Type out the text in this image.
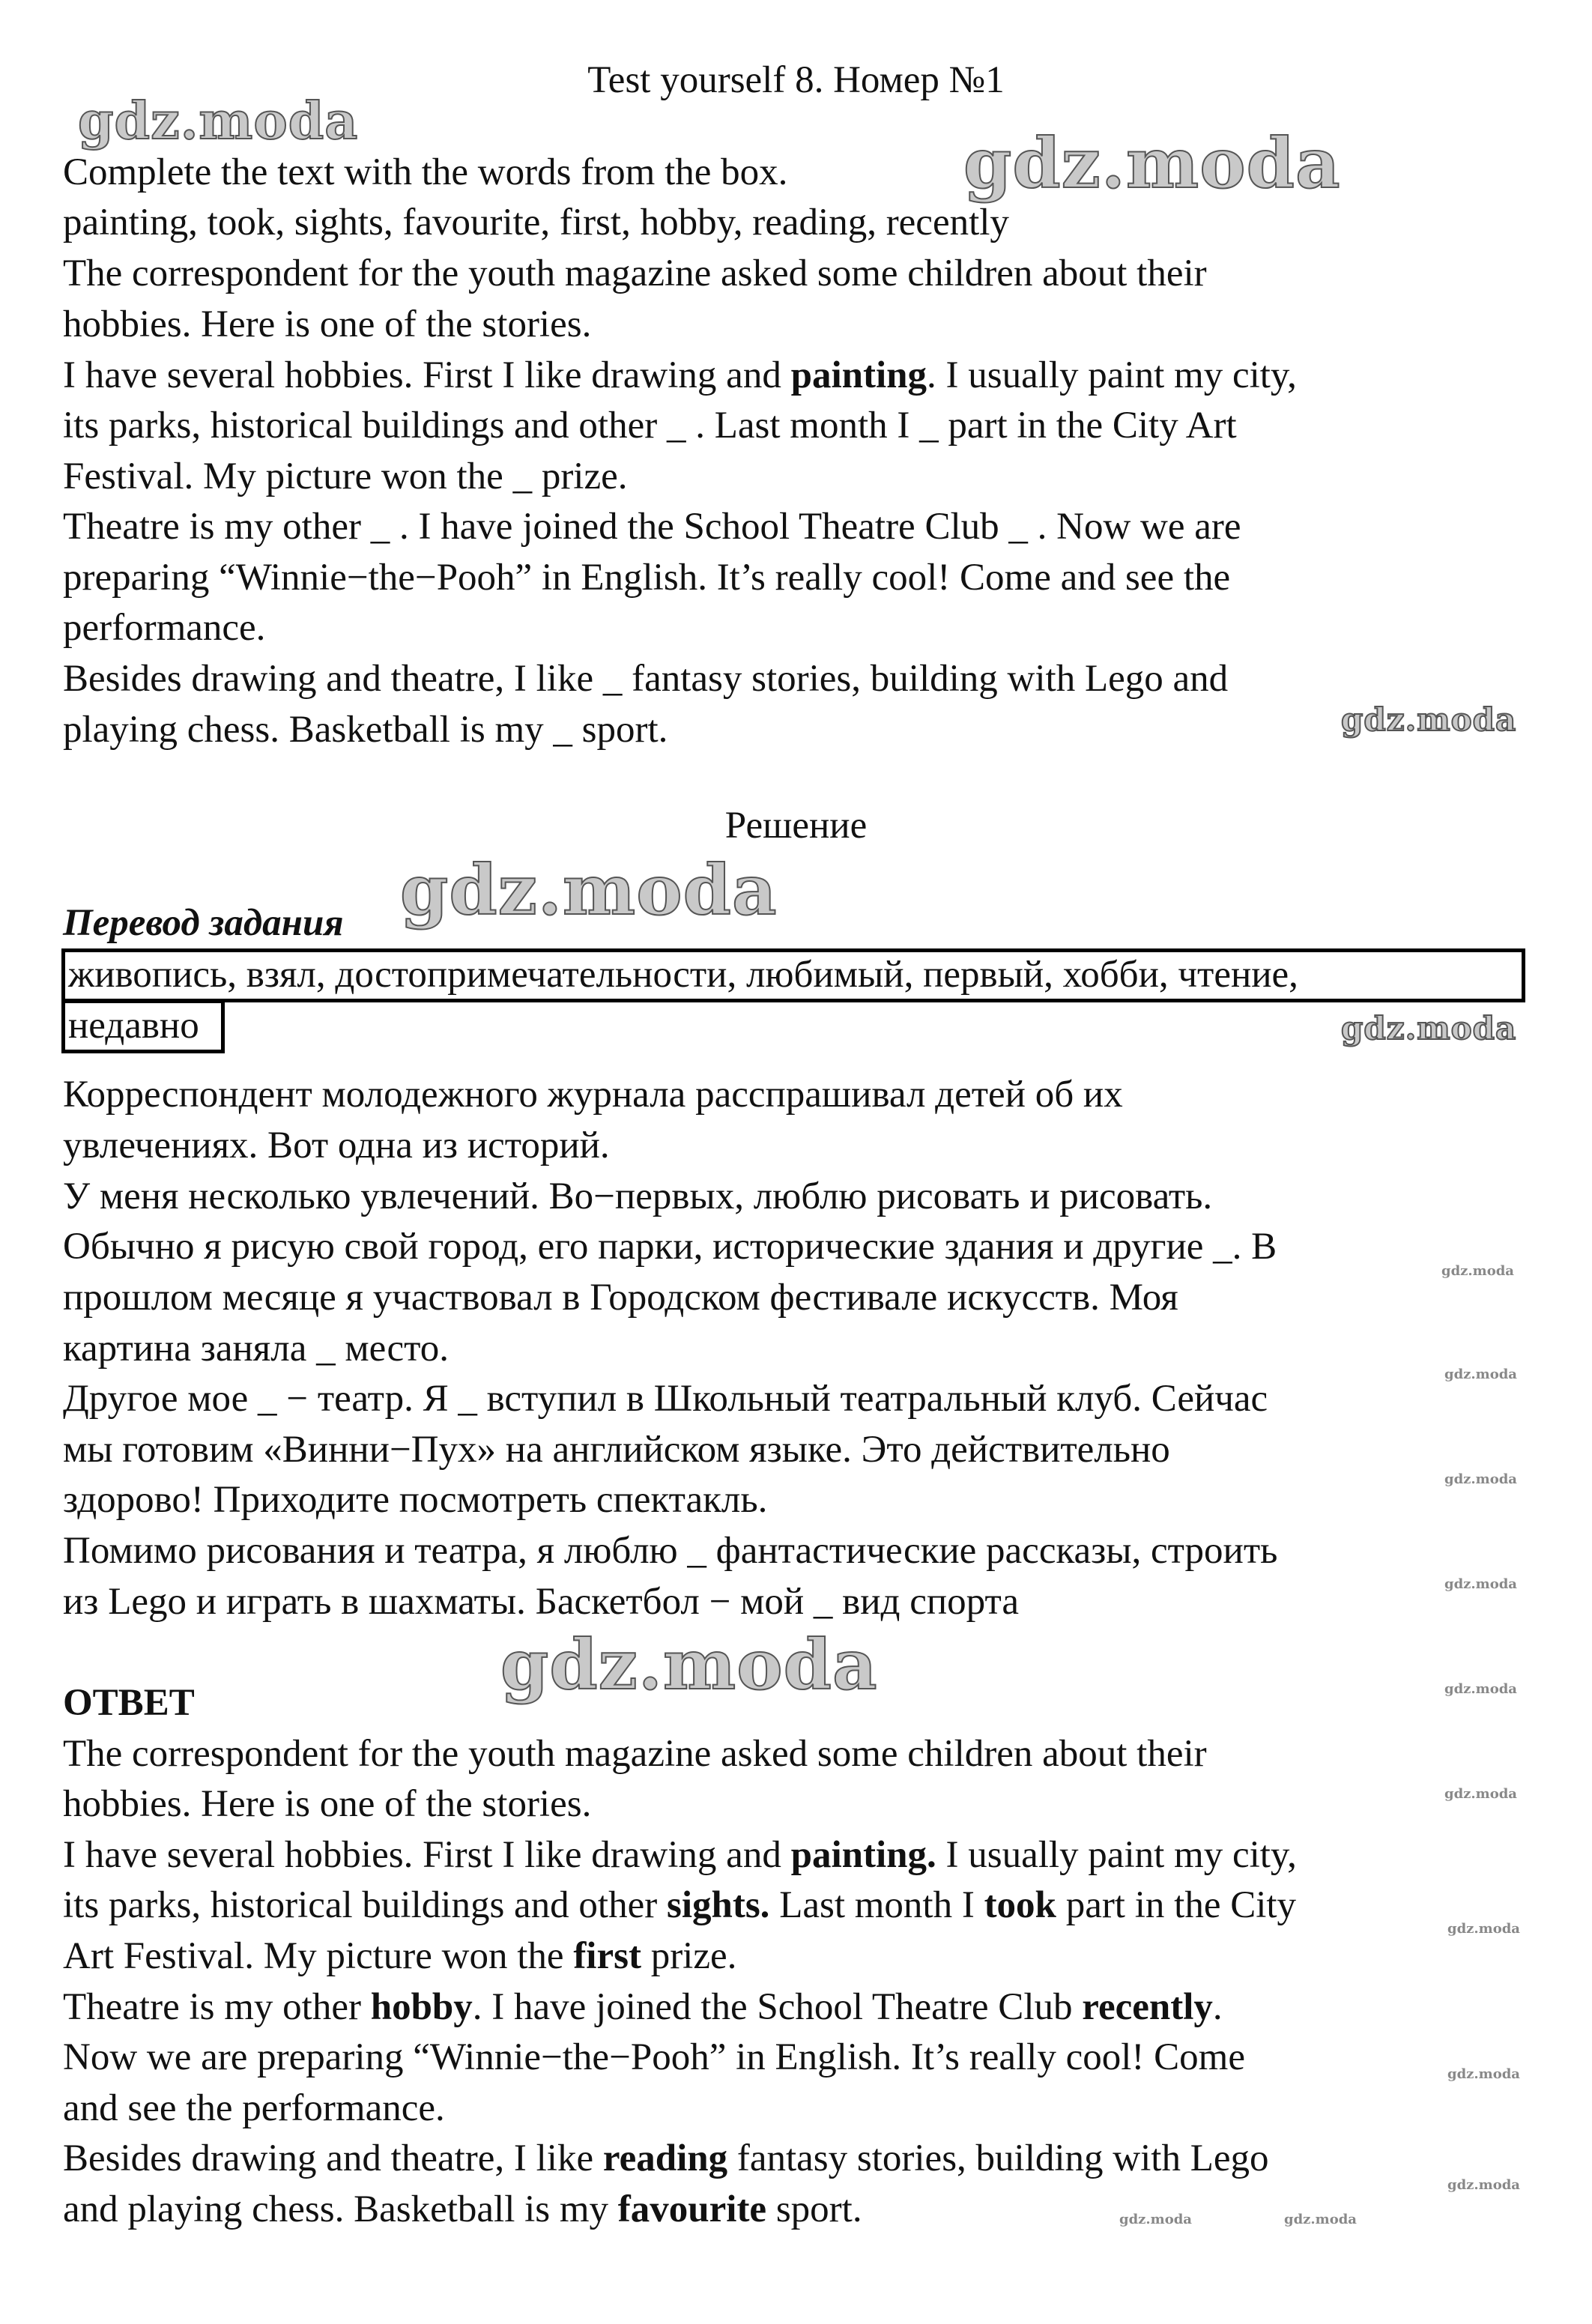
Test yourself 8. Номер №1
Complete the text with the words from the box.
painting, took, sights, favourite, first, hobby, reading, recently
The correspondent for the youth magazine asked some children about their
hobbies. Here is one of the stories.
I have several hobbies. First I like drawing and painting. I usually paint my city,
its parks, historical buildings and other _ . Last month I _ part in the City Art
Festival. My picture won the _ prize.
Theatre is my other _ . I have joined the School Theatre Club _ . Now we are
preparing “Winnie−the−Pooh” in English. It’s really cool! Come and see the
performance.
Besides drawing and theatre, I like _ fantasy stories, building with Lego and
playing chess. Basketball is my _ sport.
Решение
Перевод задания
живопись, взял, достопримечательности, любимый, первый, хобби, чтение,
недавно
Корреспондент молодежного журнала расспрашивал детей об их
увлечениях. Вот одна из историй.
У меня несколько увлечений. Во−первых, люблю рисовать и рисовать.
Обычно я рисую свой город, его парки, исторические здания и другие _. В
прошлом месяце я участвовал в Городском фестивале искусств. Моя
картина заняла _ место.
Другое мое _ − театр. Я _ вступил в Школьный театральный клуб. Сейчас
мы готовим «Винни−Пух» на английском языке. Это действительно
здорово! Приходите посмотреть спектакль.
Помимо рисования и театра, я люблю _ фантастические рассказы, строить
из Lego и играть в шахматы. Баскетбол − мой _ вид спорта
ОТВЕТ
The correspondent for the youth magazine asked some children about their
hobbies. Here is one of the stories.
I have several hobbies. First I like drawing and painting. I usually paint my city,
its parks, historical buildings and other sights. Last month I took part in the City
Art Festival. My picture won the first prize.
Theatre is my other hobby. I have joined the School Theatre Club recently.
Now we are preparing “Winnie−the−Pooh” in English. It’s really cool! Come
and see the performance.
Besides drawing and theatre, I like reading fantasy stories, building with Lego
and playing chess. Basketball is my favourite sport.
gdz.moda
gdz.moda
gdz.moda
gdz.moda
gdz.moda
gdz.moda
gdz.moda
gdz.moda
gdz.moda
gdz.moda
gdz.moda
gdz.moda
gdz.moda
gdz.moda
gdz.moda
gdz.moda	gdz.moda
